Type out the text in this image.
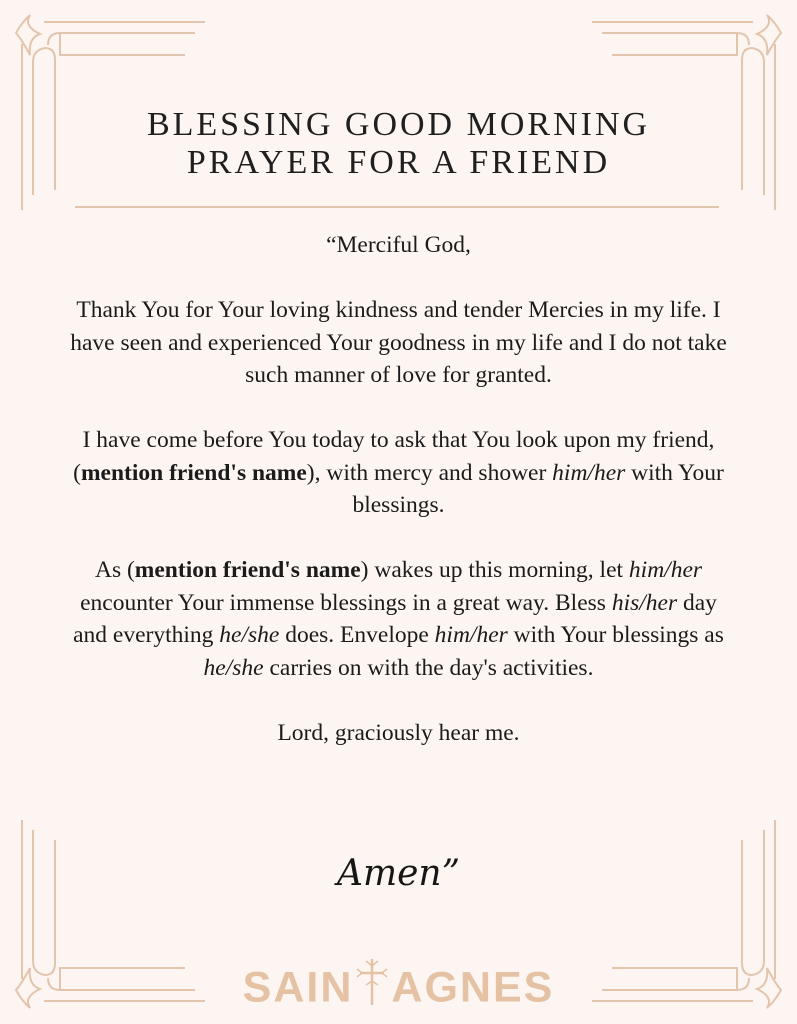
BLESSING GOOD MORNING
PRAYER FOR A FRIEND

“Merciful God,

Thank You for Your loving kindness and tender Mercies in my life. I have seen and experienced Your goodness in my life and I do not take such manner of love for granted.

I have come before You today to ask that You look upon my friend, (mention friend's name), with mercy and shower him/her with Your blessings.

As (mention friend's name) wakes up this morning, let him/her encounter Your immense blessings in a great way. Bless his/her day and everything he/she does. Envelope him/her with Your blessings as he/she carries on with the day's activities.

Lord, graciously hear me.

Amen”
SAIN AGNES
